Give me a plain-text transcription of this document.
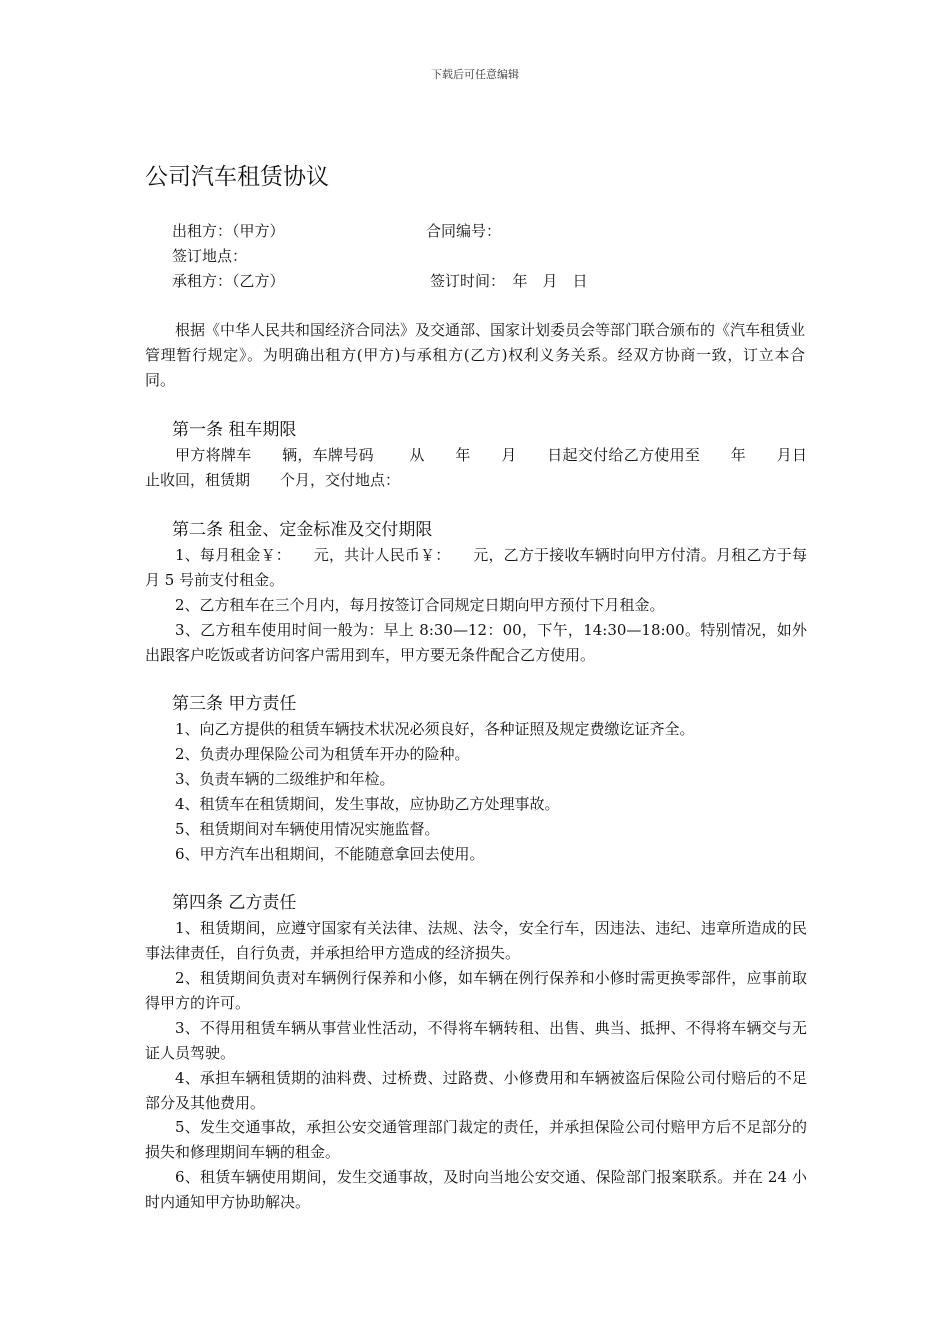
下载后可任意编辑
公司汽车租赁协议
出租方：（甲方）	合同编号：
签订地点：
承租方：（乙方）	签订时间：　年　月　日

根据《中华人民共和国经济合同法》及交通部、国家计划委员会等部门联合颁布的《汽车租赁业管理暂行规定》。为明确出租方(甲方)与承租方(乙方)权利义务关系。经双方协商一致，订立本合同。

第一条 租车期限
甲方将牌车　　辆，车牌号码　　 从　　年　　月　　日起交付给乙方使用至　　年　　月日止收回，租赁期　　个月，交付地点：
第二条 租金、定金标准及交付期限
1、每月租金￥：　　元，共计人民币￥：　　元，乙方于接收车辆时向甲方付清。月租乙方于每月 5 号前支付租金。
2、乙方租车在三个月内，每月按签订合同规定日期向甲方预付下月租金。
3、乙方租车使用时间一般为：早上 8:30—12：00，下午，14:30—18:00。特别情况，如外出跟客户吃饭或者访问客户需用到车，甲方要无条件配合乙方使用。
第三条 甲方责任
1、向乙方提供的租赁车辆技术状况必须良好，各种证照及规定费缴讫证齐全。
2、负责办理保险公司为租赁车开办的险种。
3、负责车辆的二级维护和年检。
4、租赁车在租赁期间，发生事故，应协助乙方处理事故。
5、租赁期间对车辆使用情况实施监督。
6、甲方汽车出租期间，不能随意拿回去使用。
第四条 乙方责任
1、租赁期间，应遵守国家有关法律、法规、法令，安全行车，因违法、违纪、违章所造成的民事法律责任，自行负责，并承担给甲方造成的经济损失。
2、租赁期间负责对车辆例行保养和小修，如车辆在例行保养和小修时需更换零部件，应事前取得甲方的许可。
3、不得用租赁车辆从事营业性活动，不得将车辆转租、出售、典当、抵押、不得将车辆交与无证人员驾驶。
4、承担车辆租赁期的油料费、过桥费、过路费、小修费用和车辆被盗后保险公司付赔后的不足部分及其他费用。
5、发生交通事故，承担公安交通管理部门裁定的责任，并承担保险公司付赔甲方后不足部分的损失和修理期间车辆的租金。
6、租赁车辆使用期间，发生交通事故，及时向当地公安交通、保险部门报案联系。并在 24 小时内通知甲方协助解决。
